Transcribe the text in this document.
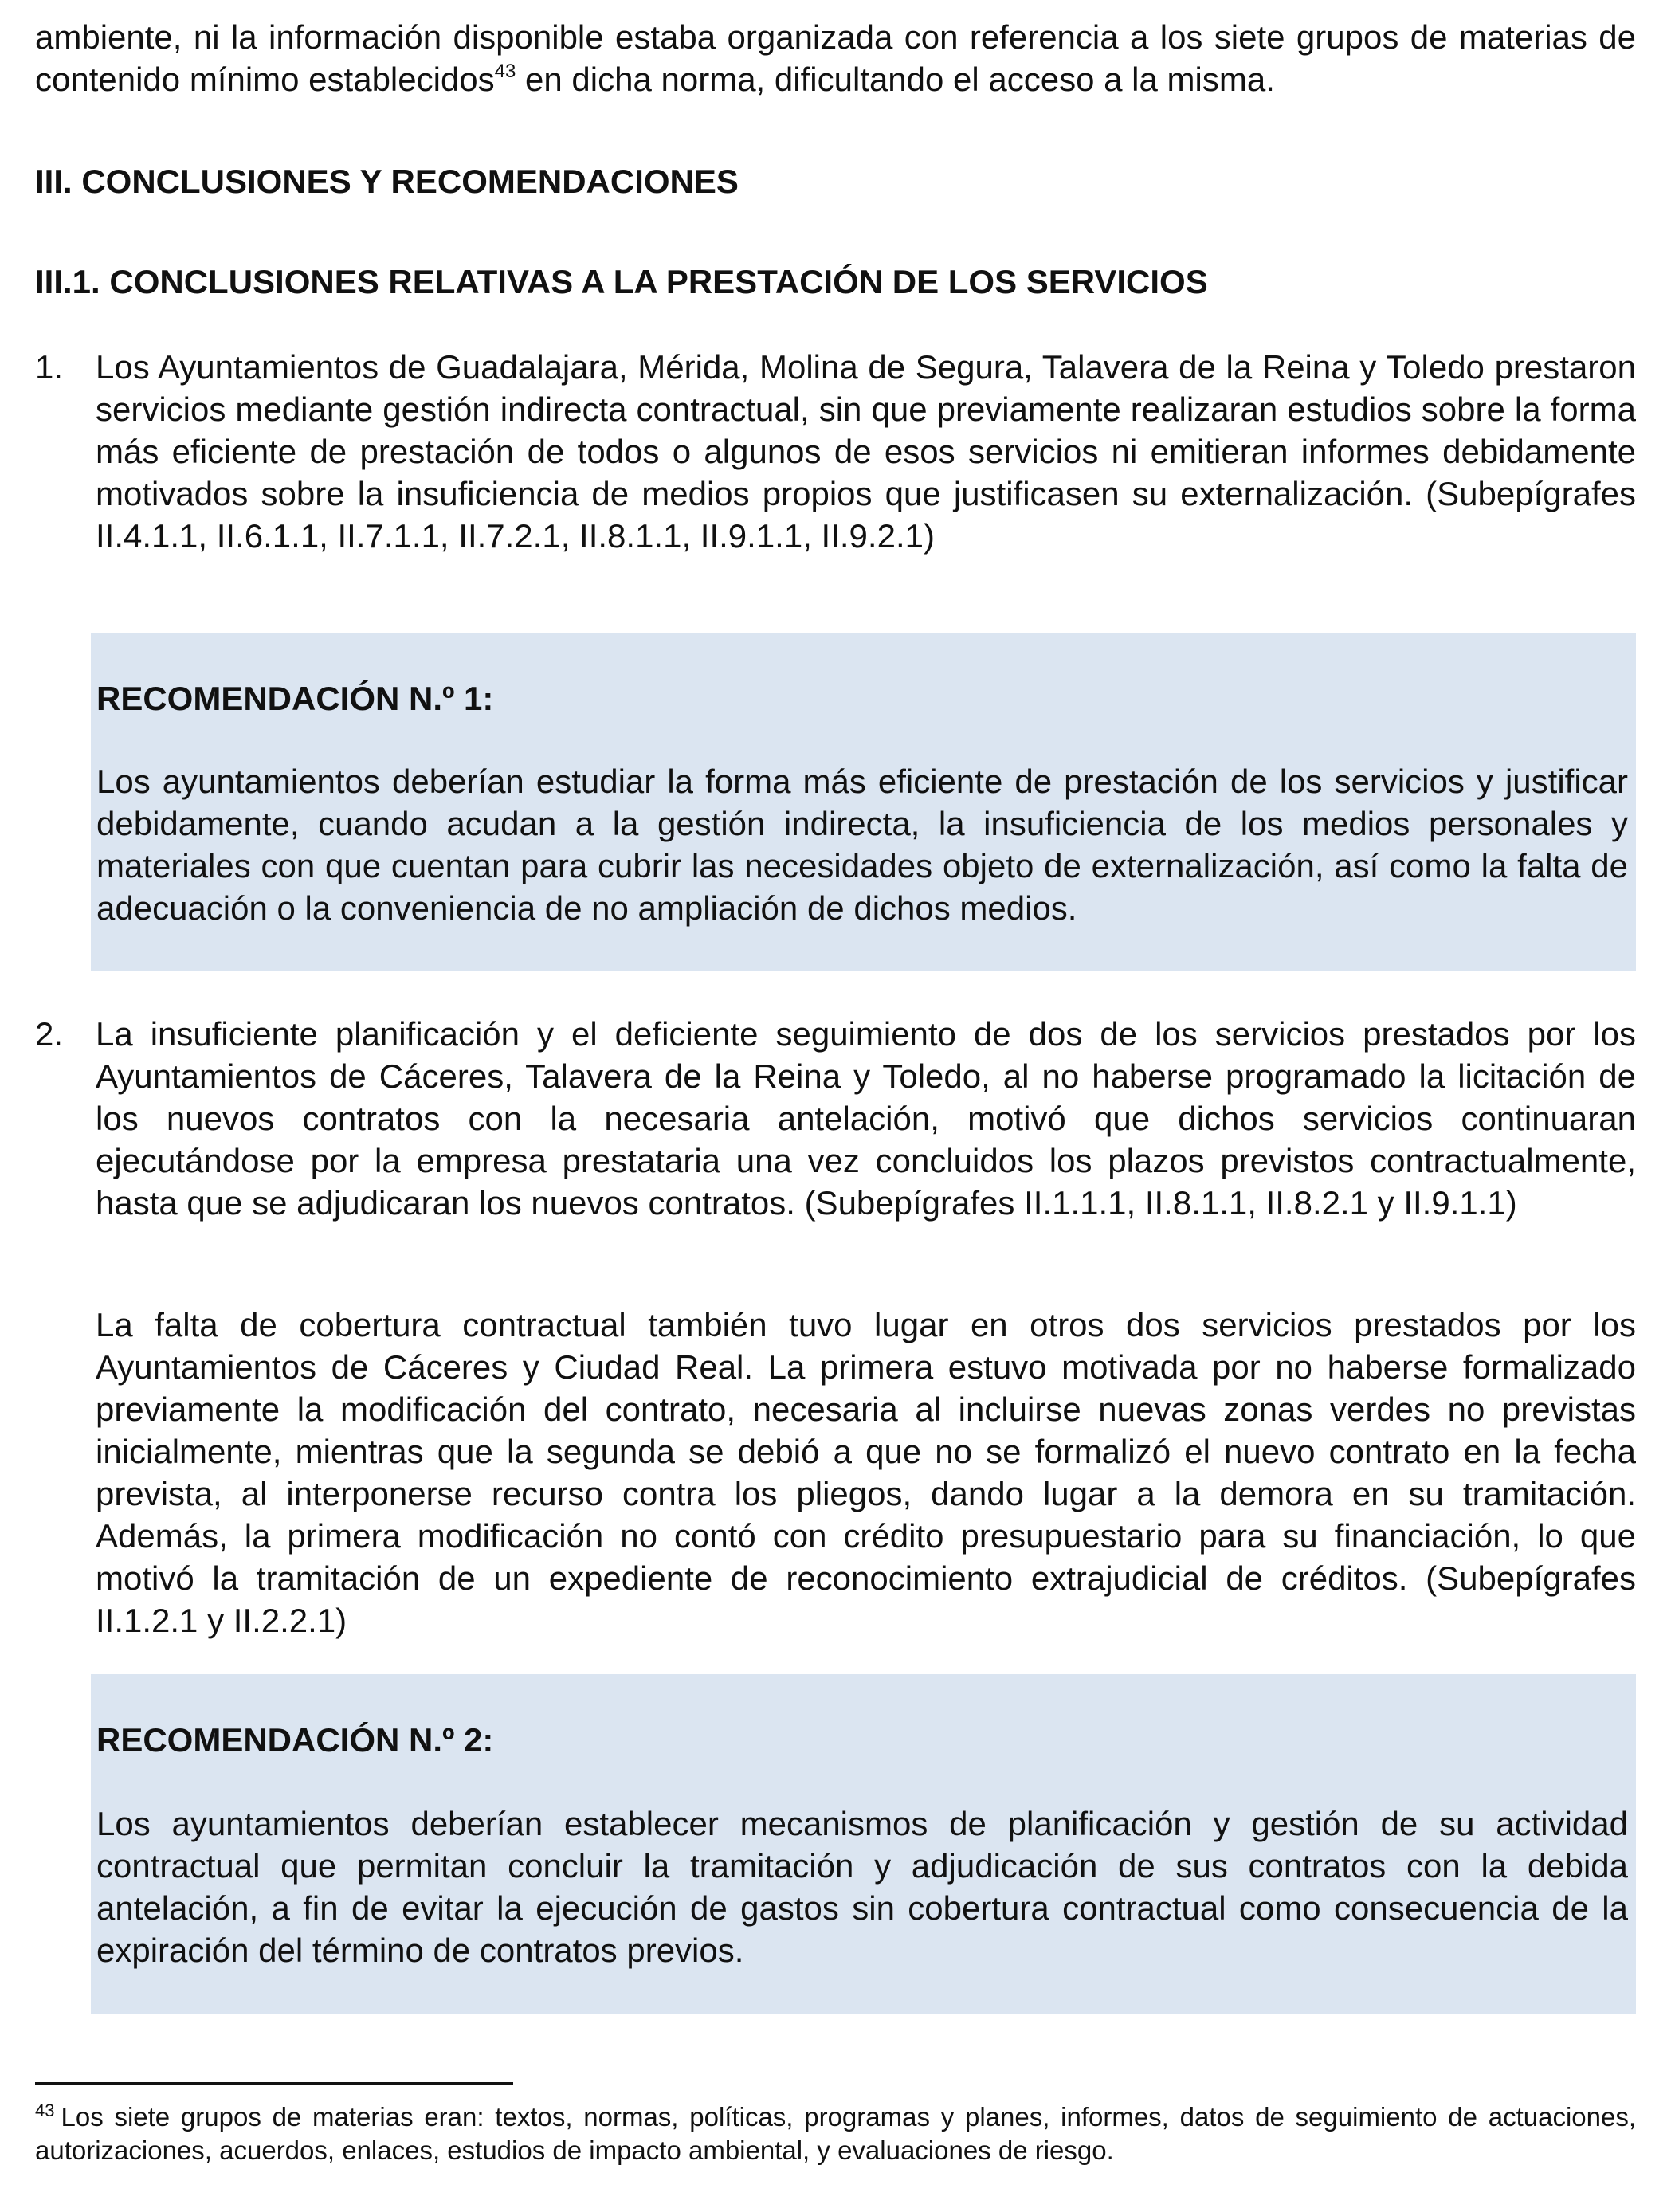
ambiente, ni la información disponible estaba organizada con referencia a los siete grupos de materias de contenido mínimo establecidos$^{43}$ en dicha norma, dificultando el acceso a la misma.

III. CONCLUSIONES Y RECOMENDACIONES
III.1. CONCLUSIONES RELATIVAS A LA PRESTACIÓN DE LOS SERVICIOS
1. Los Ayuntamientos de Guadalajara, Mérida, Molina de Segura, Talavera de la Reina y Toledo prestaron servicios mediante gestión indirecta contractual, sin que previamente realizaran estudios sobre la forma más eficiente de prestación de todos o algunos de esos servicios ni emitieran informes debidamente motivados sobre la insuficiencia de medios propios que justificasen su externalización. (Subepígrafes II.4.1.1, II.6.1.1, II.7.1.1, II.7.2.1, II.8.1.1, II.9.1.1, II.9.2.1)

RECOMENDACIÓN N.º 1:
Los ayuntamientos deberían estudiar la forma más eficiente de prestación de los servicios y justificar debidamente, cuando acudan a la gestión indirecta, la insuficiencia de los medios personales y materiales con que cuentan para cubrir las necesidades objeto de externalización, así como la falta de adecuación o la conveniencia de no ampliación de dichos medios.
2. La insuficiente planificación y el deficiente seguimiento de dos de los servicios prestados por los Ayuntamientos de Cáceres, Talavera de la Reina y Toledo, al no haberse programado la licitación de los nuevos contratos con la necesaria antelación, motivó que dichos servicios continuaran ejecutándose por la empresa prestataria una vez concluidos los plazos previstos contractualmente, hasta que se adjudicaran los nuevos contratos. (Subepígrafes II.1.1.1, II.8.1.1, II.8.2.1 y II.9.1.1)

La falta de cobertura contractual también tuvo lugar en otros dos servicios prestados por los Ayuntamientos de Cáceres y Ciudad Real. La primera estuvo motivada por no haberse formalizado previamente la modificación del contrato, necesaria al incluirse nuevas zonas verdes no previstas inicialmente, mientras que la segunda se debió a que no se formalizó el nuevo contrato en la fecha prevista, al interponerse recurso contra los pliegos, dando lugar a la demora en su tramitación. Además, la primera modificación no contó con crédito presupuestario para su financiación, lo que motivó la tramitación de un expediente de reconocimiento extrajudicial de créditos. (Subepígrafes II.1.2.1 y II.2.2.1)

RECOMENDACIÓN N.º 2:
Los ayuntamientos deberían establecer mecanismos de planificación y gestión de su actividad contractual que permitan concluir la tramitación y adjudicación de sus contratos con la debida antelación, a fin de evitar la ejecución de gastos sin cobertura contractual como consecuencia de la expiración del término de contratos previos.
$^{43}$ Los siete grupos de materias eran: textos, normas, políticas, programas y planes, informes, datos de seguimiento de actuaciones, autorizaciones, acuerdos, enlaces, estudios de impacto ambiental, y evaluaciones de riesgo.
